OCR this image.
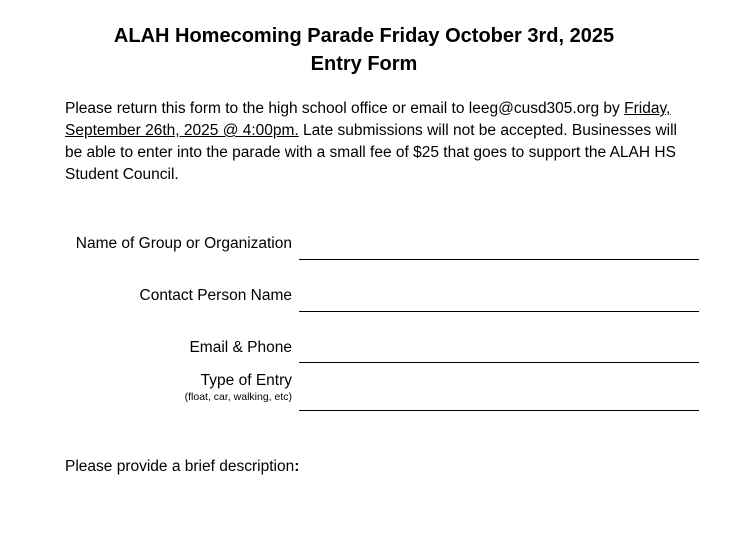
ALAH Homecoming Parade Friday October 3rd, 2025
Entry Form

Please return this form to the high school office or email to leeg@cusd305.org by Friday, September 26th, 2025 @ 4:00pm. Late submissions will not be accepted. Businesses will be able to enter into the parade with a small fee of $25 that goes to support the ALAH HS Student Council.

Name of Group or Organization
Contact Person Name
Email & Phone
Type of Entry
(float, car, walking, etc)

Please provide a brief description:
